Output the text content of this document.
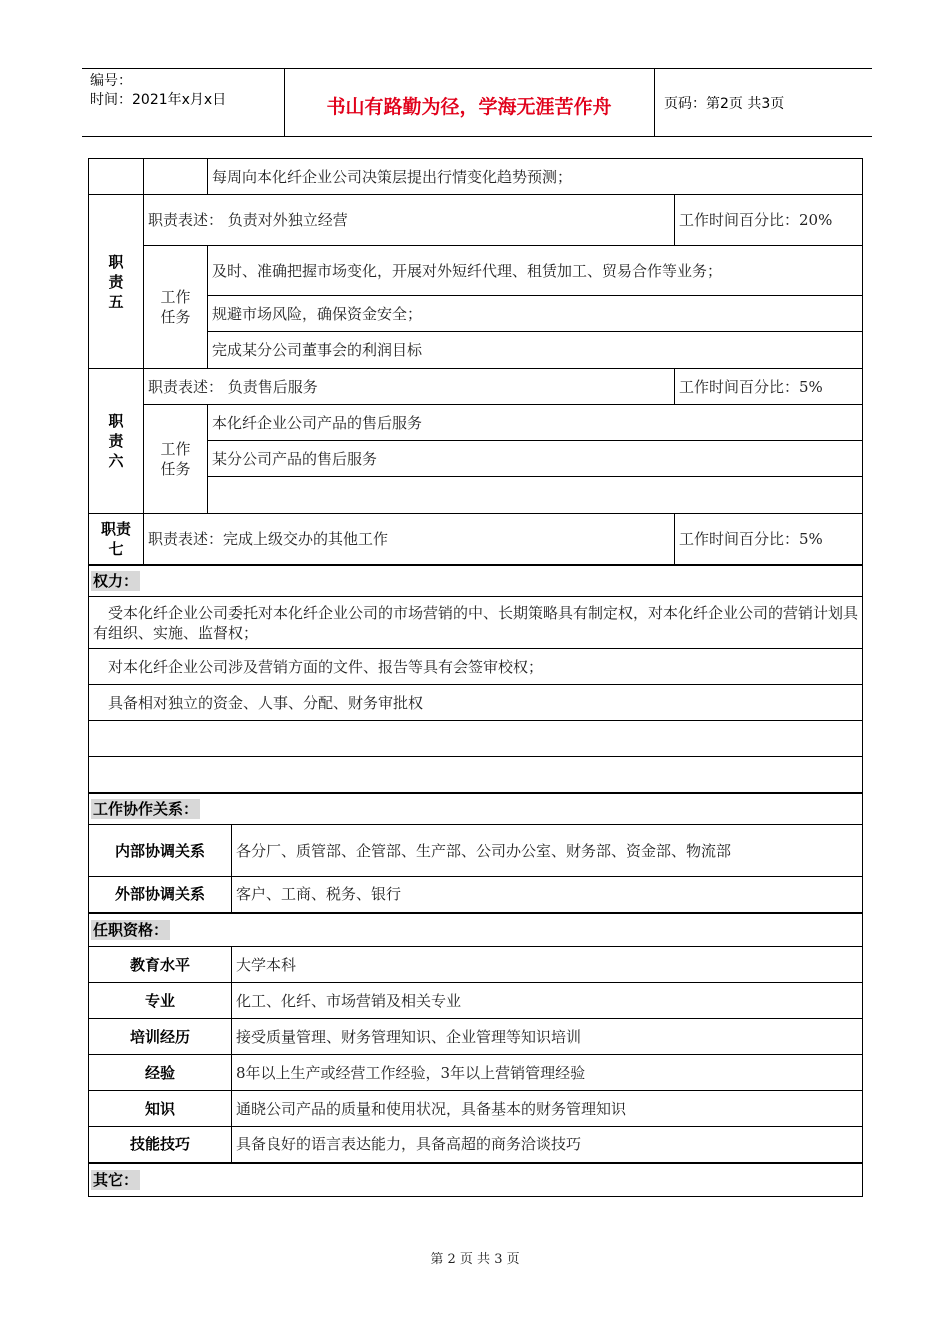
编号：
时间：2021年x月x日	书山有路勤为径，学海无涯苦作舟	页码：第2页 共3页
		每周向本化纤企业公司决策层提出行情变化趋势预测；		
职责五	职责表述： 负责对外独立经营			工作时间百分比：20%
	工作任务	及时、准确把握市场变化，开展对外短纤代理、租赁加工、贸易合作等业务；		
		规避市场风险，确保资金安全；		
		完成某分公司董事会的利润目标		
职责六	职责表述： 负责售后服务			工作时间百分比：5%
	工作任务	本化纤企业公司产品的售后服务		
		某分公司产品的售后服务		

职责七	职责表述：完成上级交办的其他工作			工作时间百分比：5%
权力：				
受本化纤企业公司委托对本化纤企业公司的市场营销的中、长期策略具有制定权，对本化纤企业公司的营销计划具有组织、实施、监督权；				
对本化纤企业公司涉及营销方面的文件、报告等具有会签审校权；				
具备相对独立的资金、人事、分配、财务审批权				

工作协作关系：				
内部协调关系			各分厂、质管部、企管部、生产部、公司办公室、财务部、资金部、物流部	
外部协调关系			客户、工商、税务、银行	
任职资格：				
教育水平			大学本科	
专业			化工、化纤、市场营销及相关专业	
培训经历			接受质量管理、财务管理知识、企业管理等知识培训	
经验			8年以上生产或经营工作经验，3年以上营销管理经验	
知识			通晓公司产品的质量和使用状况，具备基本的财务管理知识	
技能技巧			具备良好的语言表达能力，具备高超的商务洽谈技巧	
其它：				
第 2 页 共 3 页
